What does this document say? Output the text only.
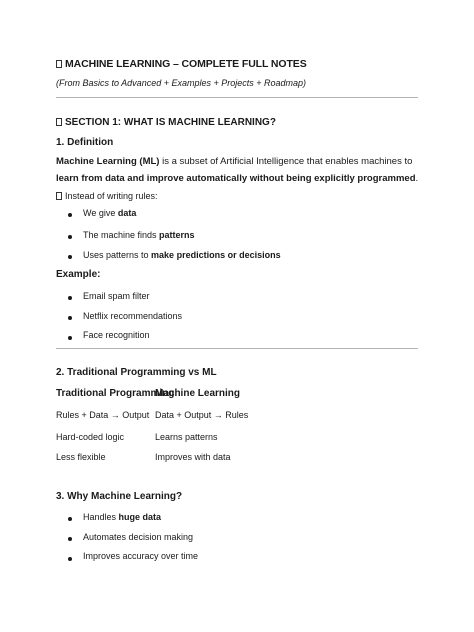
MACHINE LEARNING – COMPLETE FULL NOTES
(From Basics to Advanced + Examples + Projects + Roadmap)
SECTION 1: WHAT IS MACHINE LEARNING?
1. Definition
Machine Learning (ML) is a subset of Artificial Intelligence that enables machines to learn from data and improve automatically without being explicitly programmed.
Instead of writing rules:
We give data
The machine finds patterns
Uses patterns to make predictions or decisions
Example:
Email spam filter
Netflix recommendations
Face recognition
2. Traditional Programming vs ML
Traditional Programming
Machine Learning
Rules + Data → Output Data + Output → Rules
Hard-coded logic	Learns patterns
Less flexible	Improves with data
3. Why Machine Learning?
Handles huge data
Automates decision making
Improves accuracy over time
